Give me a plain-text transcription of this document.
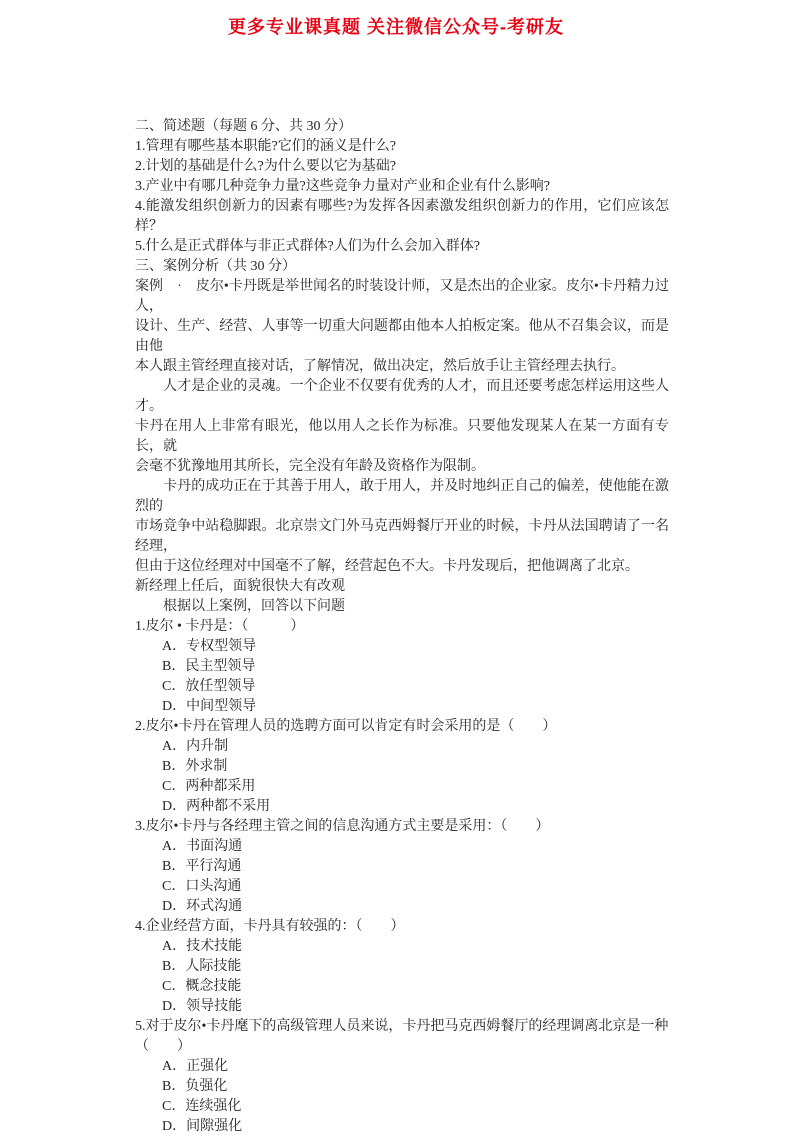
更多专业课真题 关注微信公众号-考研友
二、简述题（每题 6 分、共 30 分）
1.管理有哪些基本职能?它们的涵义是什么?
2.计划的基础是什么?为什么要以它为基础?
3.产业中有哪几种竞争力量?这些竞争力量对产业和企业有什么影响?
4.能激发组织创新力的因素有哪些?为发挥各因素激发组织创新力的作用，它们应该怎样？
5.什么是正式群体与非正式群体?人们为什么会加入群体?
三、案例分析（共 30 分）
案例　·　皮尔•卡丹既是举世闻名的时装设计师，又是杰出的企业家。皮尔•卡丹精力过人，
设计、生产、经营、人事等一切重大问题都由他本人拍板定案。他从不召集会议，而是由他
本人跟主管经理直接对话，了解情况，做出决定，然后放手让主管经理去执行。
　　人才是企业的灵魂。一个企业不仅要有优秀的人才，而且还要考虑怎样运用这些人才。
卡丹在用人上非常有眼光，他以用人之长作为标准。只要他发现某人在某一方面有专长，就
会毫不犹豫地用其所长，完全没有年龄及资格作为限制。
　　卡丹的成功正在于其善于用人，敢于用人，并及时地纠正自己的偏差，使他能在激烈的
市场竞争中站稳脚跟。北京崇文门外马克西姆餐厅开业的时候，卡丹从法国聘请了一名经理，
但由于这位经理对中国毫不了解，经营起色不大。卡丹发现后，把他调离了北京。
新经理上任后，面貌很快大有改观
　　根据以上案例，回答以下问题
1.皮尔 • 卡丹是：（　　　）
A．专权型领导
B．民主型领导
C．放任型领导
D．中间型领导
2.皮尔•卡丹在管理人员的选聘方面可以肯定有时会采用的是（　　）
A．内升制
B．外求制
C．两种都采用
D．两种都不采用
3.皮尔•卡丹与各经理主管之间的信息沟通方式主要是采用：（　　）
A．书面沟通
B．平行沟通
C．口头沟通
D．环式沟通
4.企业经营方面，卡丹具有较强的：（　　）
A．技术技能
B．人际技能
C．概念技能
D．领导技能
5.对于皮尔•卡丹麾下的高级管理人员来说，卡丹把马克西姆餐厅的经理调离北京是一种
（　　）
A．正强化
B．负强化
C．连续强化
D．间隙强化
